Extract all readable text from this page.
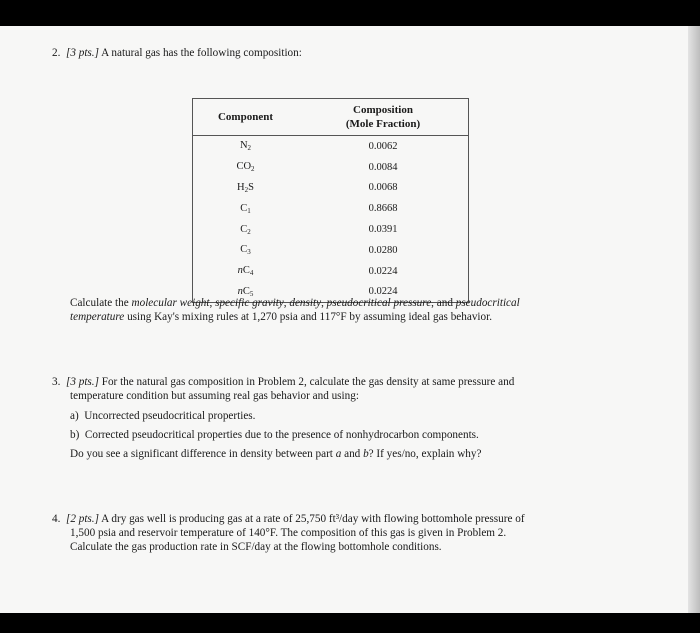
2. [3 pts.] A natural gas has the following composition:
Component	Composition
(Mole Fraction)

$N_2$	0.0062
$CO_2$	0.0084
$H_2S$	0.0068
$C_1$	0.8668
$C_2$	0.0391
$C_3$	0.0280
$nC_4$	0.0224
$nC_5$	0.0224
Calculate the molecular weight, specific gravity, density, pseudocritical pressure, and pseudocritical
temperature using Kay's mixing rules at 1,270 psia and 117°F by assuming ideal gas behavior.
3. [3 pts.] For the natural gas composition in Problem 2, calculate the gas density at same pressure and
temperature condition but assuming real gas behavior and using:
a) Uncorrected pseudocritical properties.
b) Corrected pseudocritical properties due to the presence of nonhydrocarbon components.
Do you see a significant difference in density between part a and b? If yes/no, explain why?
4. [2 pts.] A dry gas well is producing gas at a rate of 25,750 ft³/day with flowing bottomhole pressure of
1,500 psia and reservoir temperature of 140°F. The composition of this gas is given in Problem 2.
Calculate the gas production rate in SCF/day at the flowing bottomhole conditions.
